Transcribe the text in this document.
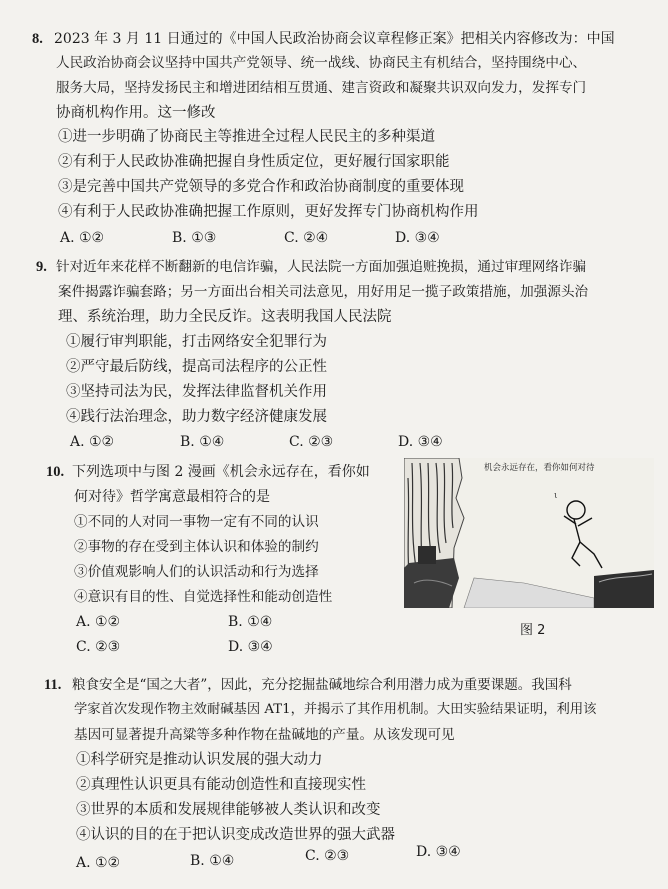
8. 2023 年 3 月 11 日通过的《中国人民政治协商会议章程修正案》把相关内容修改为：中国
人民政治协商会议坚持中国共产党领导、统一战线、协商民主有机结合，坚持围绕中心、
服务大局，坚持发扬民主和增进团结相互贯通、建言资政和凝聚共识双向发力，发挥专门
协商机构作用。这一修改
①进一步明确了协商民主等推进全过程人民民主的多种渠道
②有利于人民政协准确把握自身性质定位，更好履行国家职能
③是完善中国共产党领导的多党合作和政治协商制度的重要体现
④有利于人民政协准确把握工作原则，更好发挥专门协商机构作用
A. ①②	B. ①③	C. ②④	D. ③④
9. 针对近年来花样不断翻新的电信诈骗，人民法院一方面加强追赃挽损，通过审理网络诈骗
案件揭露诈骗套路；另一方面出台相关司法意见，用好用足一揽子政策措施，加强源头治
理、系统治理，助力全民反诈。这表明我国人民法院
①履行审判职能，打击网络安全犯罪行为
②严守最后防线，提高司法程序的公正性
③坚持司法为民，发挥法律监督机关作用
④践行法治理念，助力数字经济健康发展
A. ①②	B. ①④	C. ②③	D. ③④
10. 下列选项中与图 2 漫画《机会永远存在，看你如
何对待》哲学寓意最相符合的是
①不同的人对同一事物一定有不同的认识
②事物的存在受到主体认识和体验的制约
③价值观影响人们的认识活动和行为选择
④意识有目的性、自觉选择性和能动创造性
A. ①②	B. ①④
C. ②③	D. ③④
机会永远存在，看你如何对待
ι
图 2
11. 粮食安全是“国之大者”，因此，充分挖掘盐碱地综合利用潜力成为重要课题。我国科
学家首次发现作物主效耐碱基因 AT1，并揭示了其作用机制。大田实验结果证明，利用该
基因可显著提升高粱等多种作物在盐碱地的产量。从该发现可见
①科学研究是推动认识发展的强大动力
②真理性认识更具有能动创造性和直接现实性
③世界的本质和发展规律能够被人类认识和改变
④认识的目的在于把认识变成改造世界的强大武器
A. ①②	B. ①④	C. ②③	D. ③④
